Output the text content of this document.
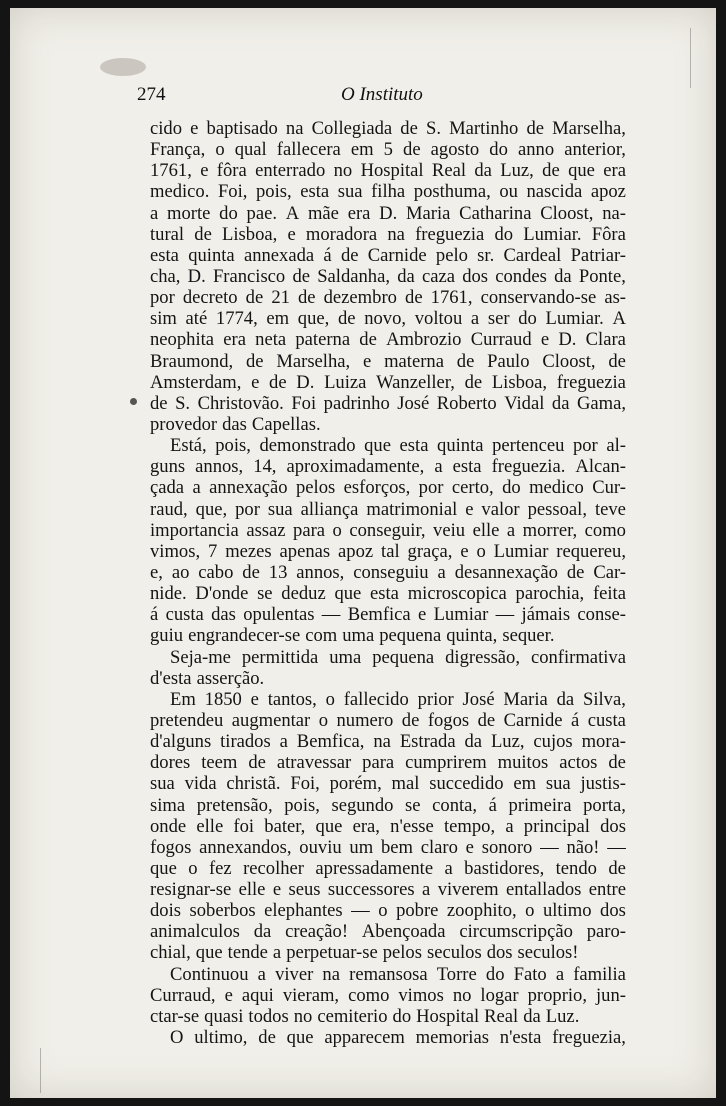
274	O Instituto
cido e baptisado na Collegiada de S. Martinho de Marselha,
França, o qual fallecera em 5 de agosto do anno anterior,
1761, e fôra enterrado no Hospital Real da Luz, de que era
medico. Foi, pois, esta sua filha posthuma, ou nascida apoz
a morte do pae. A mãe era D. Maria Catharina Cloost, na-
tural de Lisboa, e moradora na freguezia do Lumiar. Fôra
esta quinta annexada á de Carnide pelo sr. Cardeal Patriar-
cha, D. Francisco de Saldanha, da caza dos condes da Ponte,
por decreto de 21 de dezembro de 1761, conservando-se as-
sim até 1774, em que, de novo, voltou a ser do Lumiar. A
neophita era neta paterna de Ambrozio Curraud e D. Clara
Braumond, de Marselha, e materna de Paulo Cloost, de
Amsterdam, e de D. Luiza Wanzeller, de Lisboa, freguezia
de S. Christovão. Foi padrinho José Roberto Vidal da Gama,
provedor das Capellas.
Está, pois, demonstrado que esta quinta pertenceu por al-
guns annos, 14, aproximadamente, a esta freguezia. Alcan-
çada a annexação pelos esforços, por certo, do medico Cur-
raud, que, por sua alliança matrimonial e valor pessoal, teve
importancia assaz para o conseguir, veiu elle a morrer, como
vimos, 7 mezes apenas apoz tal graça, e o Lumiar requereu,
e, ao cabo de 13 annos, conseguiu a desannexação de Car-
nide. D'onde se deduz que esta microscopica parochia, feita
á custa das opulentas — Bemfica e Lumiar — jámais conse-
guiu engrandecer-se com uma pequena quinta, sequer.
Seja-me permittida uma pequena digressão, confirmativa
d'esta asserção.
Em 1850 e tantos, o fallecido prior José Maria da Silva,
pretendeu augmentar o numero de fogos de Carnide á custa
d'alguns tirados a Bemfica, na Estrada da Luz, cujos mora-
dores teem de atravessar para cumprirem muitos actos de
sua vida christã. Foi, porém, mal succedido em sua justis-
sima pretensão, pois, segundo se conta, á primeira porta,
onde elle foi bater, que era, n'esse tempo, a principal dos
fogos annexandos, ouviu um bem claro e sonoro — não! —
que o fez recolher apressadamente a bastidores, tendo de
resignar-se elle e seus successores a viverem entallados entre
dois soberbos elephantes — o pobre zoophito, o ultimo dos
animalculos da creação! Abençoada circumscripção paro-
chial, que tende a perpetuar-se pelos seculos dos seculos!
Continuou a viver na remansosa Torre do Fato a familia
Curraud, e aqui vieram, como vimos no logar proprio, jun-
ctar-se quasi todos no cemiterio do Hospital Real da Luz.
O ultimo, de que apparecem memorias n'esta freguezia,
